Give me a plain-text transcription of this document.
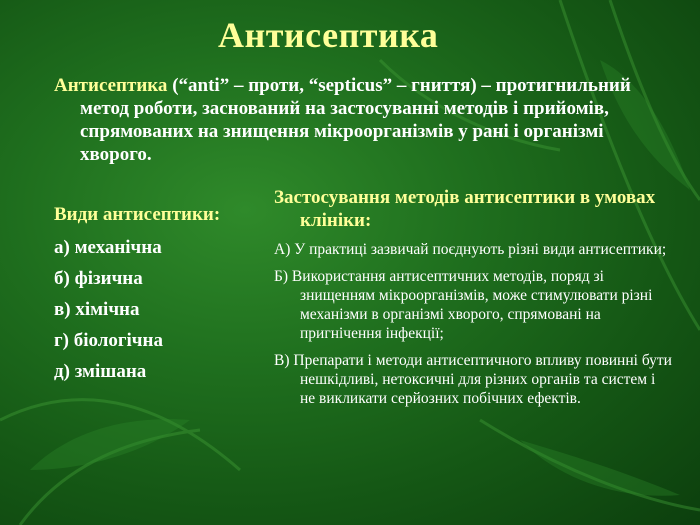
Антисептика

Антисептика (“anti” – проти, “septicus” – гниття) – протигнильний метод роботи, заснований на застосуванні методів і прийомів, спрямованих на знищення мікроорганізмів у рані і організмі хворого.

Види антисептики:
а) механічна
б) фізична
в) хімічна
г) біологічна
д) змішана
Застосування методів антисептики в умовах клініки:

А) У практиці зазвичай поєднують різні види антисептики;

Б) Використання антисептичних методів, поряд зі знищенням мікроорганізмів, може стимулювати різні механізми в організмі хворого, спрямовані на пригнічення інфекції;

В) Препарати і методи антисептичного впливу повинні бути нешкідливі, нетоксичні для різних органів та систем і не викликати серйозних побічних ефектів.
